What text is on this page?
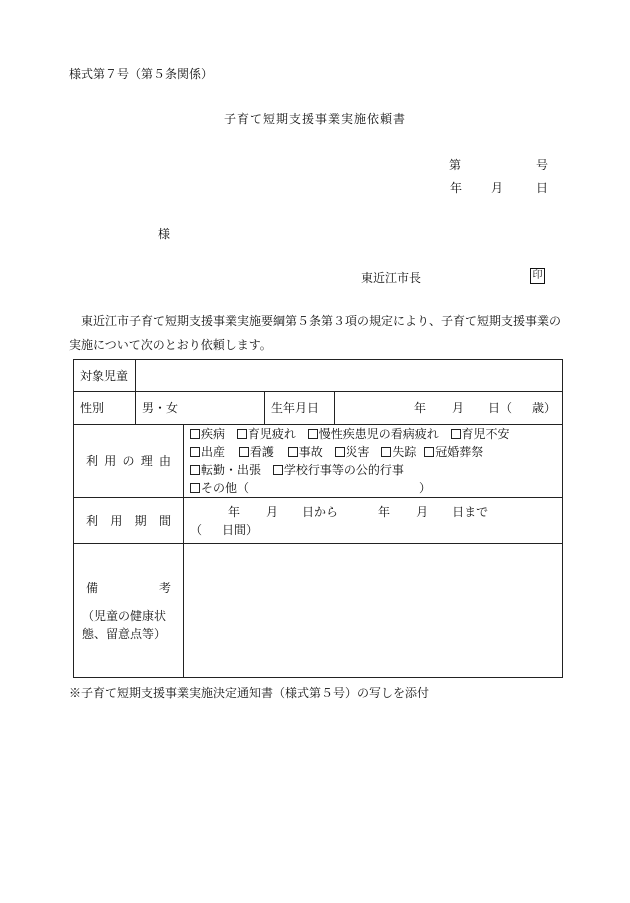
様式第７号（第５条関係）
子育て短期支援事業実施依頼書
第	号
年 月	日
様
東近江市長	印
東近江市子育て短期支援事業実施要綱第５条第３項の規定により、子育て短期支援事業の実施について次のとおり依頼します。
対象児童				
性別	男・女		生年月日	年 月 日（ 歳）
利用の理由		疾病 育児疲れ 慢性疾患児の看病疲れ 育児不安
出産 看護 事故 災害 失踪 冠婚葬祭
転勤・出張 学校行事等の公的行事
その他（ ）		

利用期間		年 月 日から 年 月 日まで
（ 日間）		

備 考
（児童の健康状
態、留意点等）				

※子育て短期支援事業実施決定通知書（様式第５号）の写しを添付
